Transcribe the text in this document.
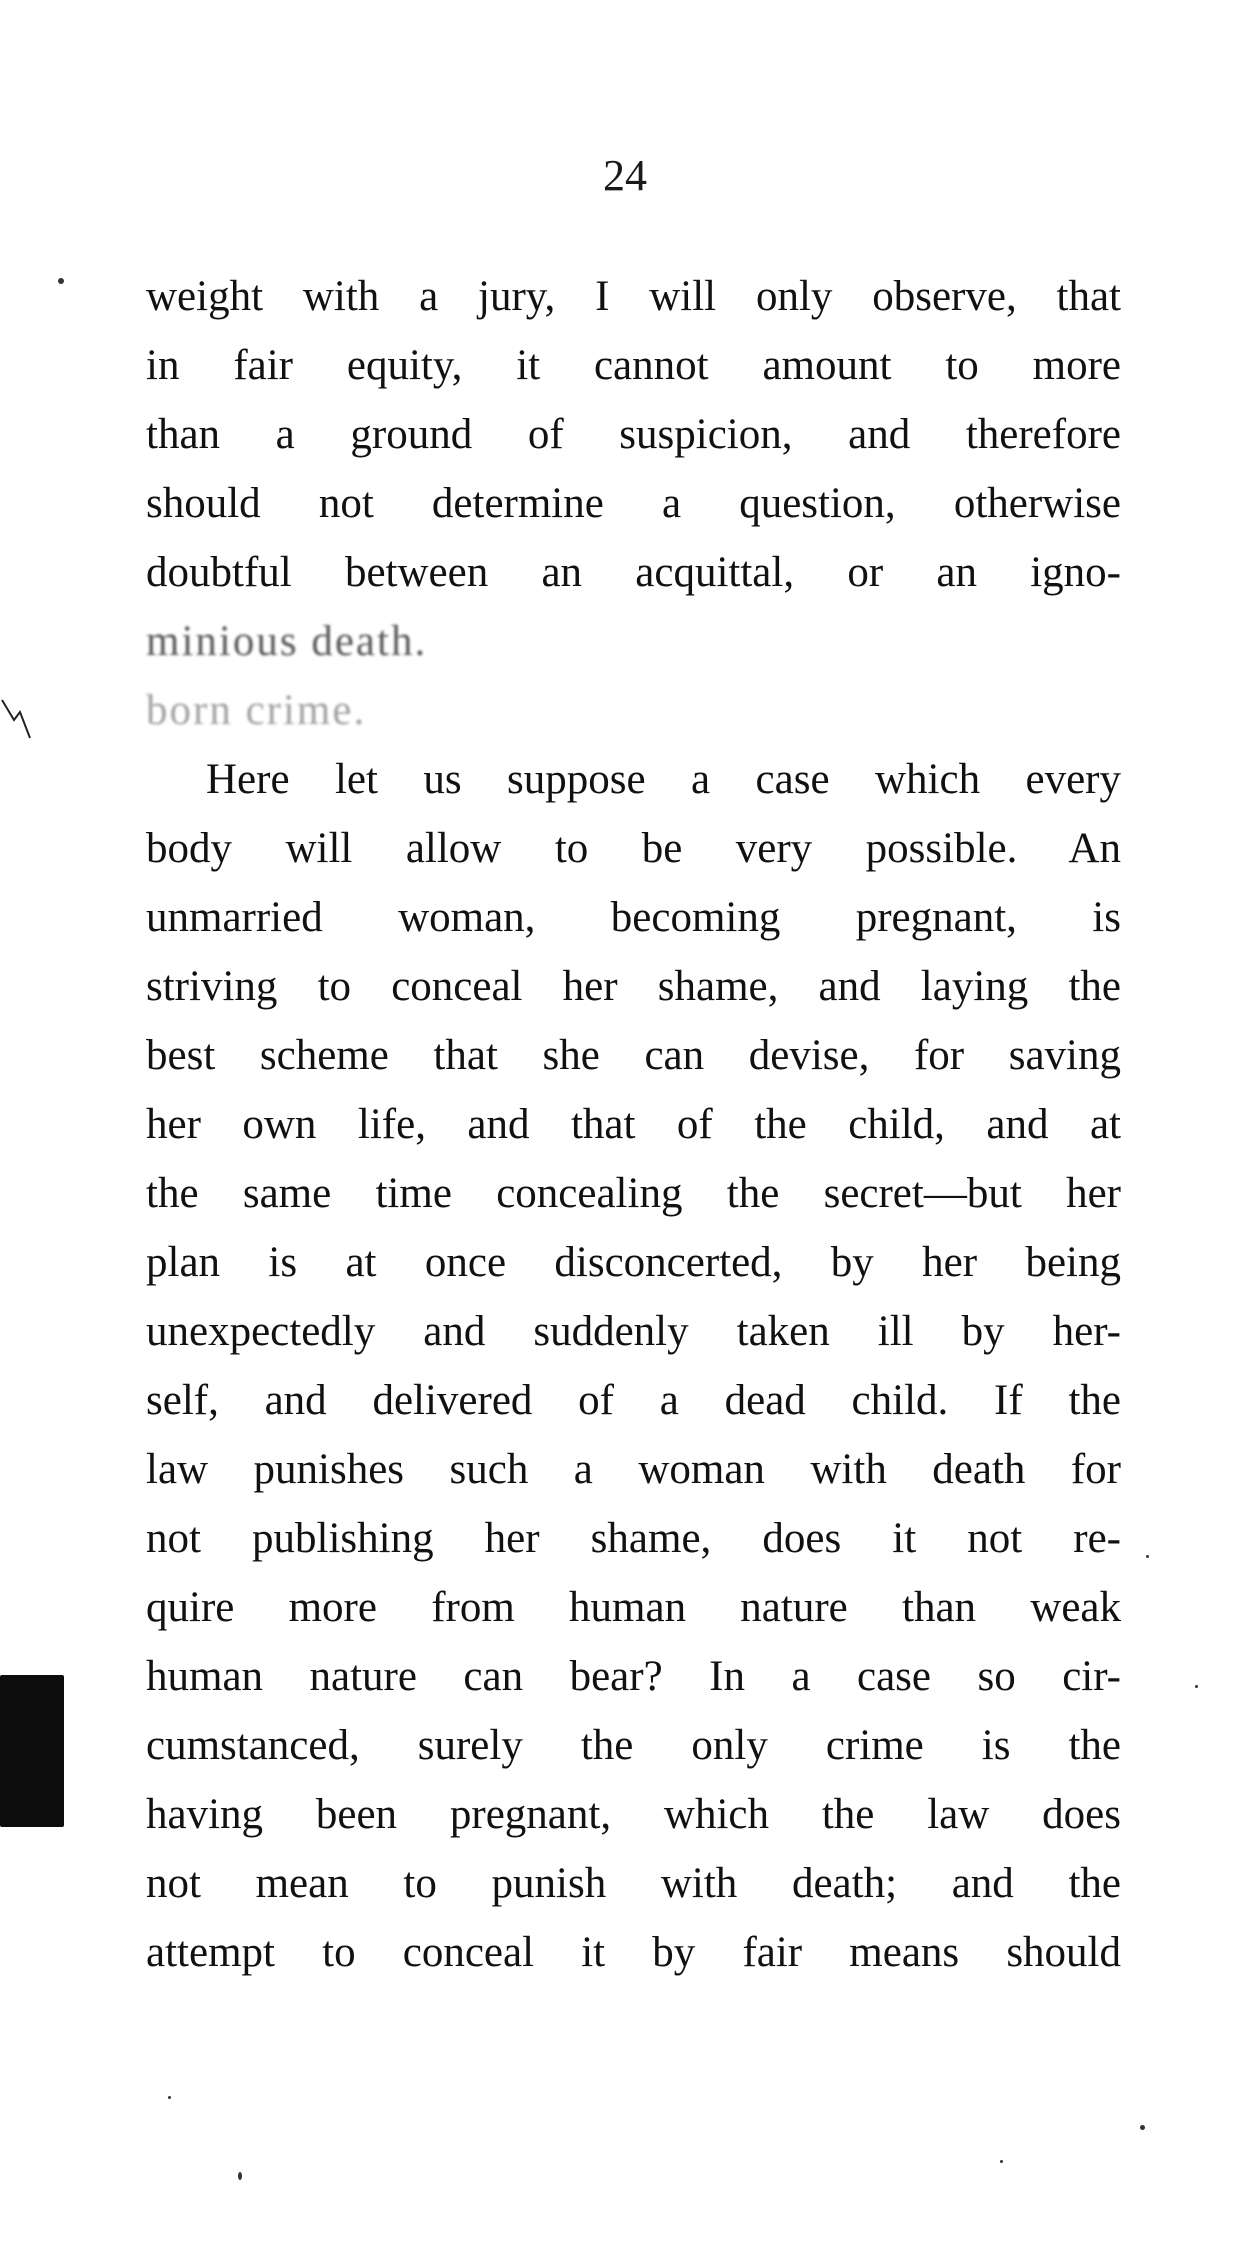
24
weight with a jury, I will only observe, that
in fair equity, it cannot amount to more
than a ground of suspicion, and therefore
should not determine a question, otherwise
doubtful between an acquittal, or an igno-
minious death.
born crime.
Here let us suppose a case which every
body will allow to be very possible. An
unmarried woman, becoming pregnant, is
striving to conceal her shame, and laying the
best scheme that she can devise, for saving
her own life, and that of the child, and at
the same time concealing the secret—but her
plan is at once disconcerted, by her being
unexpectedly and suddenly taken ill by her-
self, and delivered of a dead child. If the
law punishes such a woman with death for
not publishing her shame, does it not re-
quire more from human nature than weak
human nature can bear? In a case so cir-
cumstanced, surely the only crime is the
having been pregnant, which the law does
not mean to punish with death; and the
attempt to conceal it by fair means should
